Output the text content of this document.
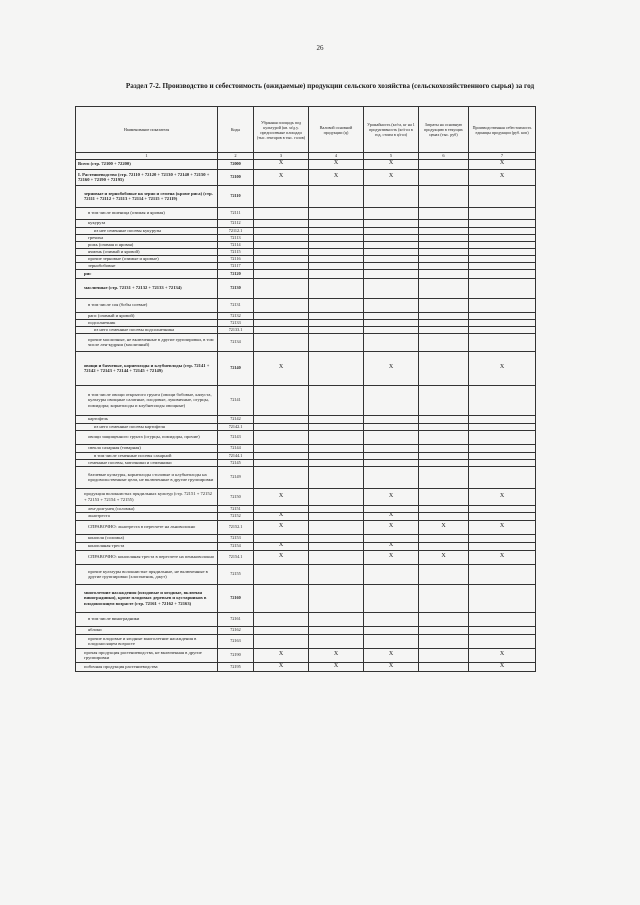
26
Раздел 7-2. Производство и себестоимость (ожидаемые) продукции сельского хозяйства (сельскохозяйственного сырья) за год
Наименование показателя	Коды	Убранная площадь под культурой (кв. м/д.у. предпосевные площади (тыс. гектаров в тыс. голов)	Валовой основной продукции (ц)	Урожайность (кг/га, кг на 1 продуктивность (кг/гол в год, стоим в ц/гол)	Затраты на основную продукцию в текущих ценах (тыс. руб)	Производственная себестоимость единицы продукции (руб. коп)
1	2	3	4	5	6	7
Всего (стр. 72100 + 72200)	72000	X	X	X		X
I. Растениеводство (стр. 72110 + 72120 + 72130 + 72140 + 72150 + 72160 + 72190 + 72195)	72100	X	X	X		X
зерновые и зернобобовые на зерно и семена (кроме риса) (стр. 72111 + 72112 + 72113 + 72114 + 72115 + 72119)	72110					
в том числе пшеница (озимая и яровая)	72111					
кукуруза	72112					
из нее семенные посевы кукурузы	72112.1					
гречиха	72113					
рожь (озимая и яровая)	72114					
ячмень (озимый и яровой)	72115					
прочие зерновые (озимые и яровые)	72116					
зернобобовые	72117					
рис	72120					
масличные (стр. 72131 + 72132 + 72133 + 72134)	72130					
в том числе соя (бобы соевые)	72131					
рапс (озимый и яровой)	72132					
подсолнечник	72133					
из него семенные посевы подсолнечника	72133.1					
прочие масличные, не включенные в другие группировки, в том числе лен-кудряш (масличный)	72134					
овощи и бахчевые, корнеплоды и клубнеплоды (стр. 72141 + 72142 + 72143 + 72144 + 72145 + 72149)	72140	X		X		X
в том числе овощи открытого грунта (овощи бобовые, капуста, культуры овощные салатные, плодовые, луковичные, огурцы, помидоры; корнеплоды и клубнеплоды овощные)	72141					
картофель	72142					
из него семенные посевы картофеля	72142.1					
овощи защищенного грунта (огурцы, помидоры, прочие)	72143					
свекла сахарная (товарная)	72144					
в том числе семенные посевы сахарной	72144.1					
семенные посевы, маточники и семенники	72145					
бахчевые культуры, корнеплоды столовые и клубнеплоды на продовольственные цели, не включенные в другие группировки	72149					
продукция волокнистых прядильных культур (стр. 72151 + 72152 + 72153 + 72154 + 72155)	72150	X		X		X
лен-долгунец (соломка)	72151					
льнотреста	72152	X		X		
СПРАВОЧНО: льнотреста в пересчете на льноволокно	72152.1	X		X	X	X
конопля (соломка)	72153					
конопляная треста	72154	X		X		
СПРАВОЧНО: конопляная треста в пересчете на пеньковолокно	72154.1	X		X	X	X
прочие культуры волокнистые прядильные, не включенные в другие группировки (хлопчатник, джут)	72155					
многолетние насаждения (плодовые и ягодные, включая виноградники), кроме плодовых деревьев и кустарников в плодоносящем возрасте (стр. 72161 + 72162 + 72163)	72160					
в том числе виноградники	72161					
яблоки	72162					
прочие плодовые и ягодные многолетние насаждения в плодоносящем возрасте	72163					
прочая продукция растениеводства, не включенная в другие группировки	72190	X	X	X		X
побочная продукция растениеводства	72195	X	X	X		X
